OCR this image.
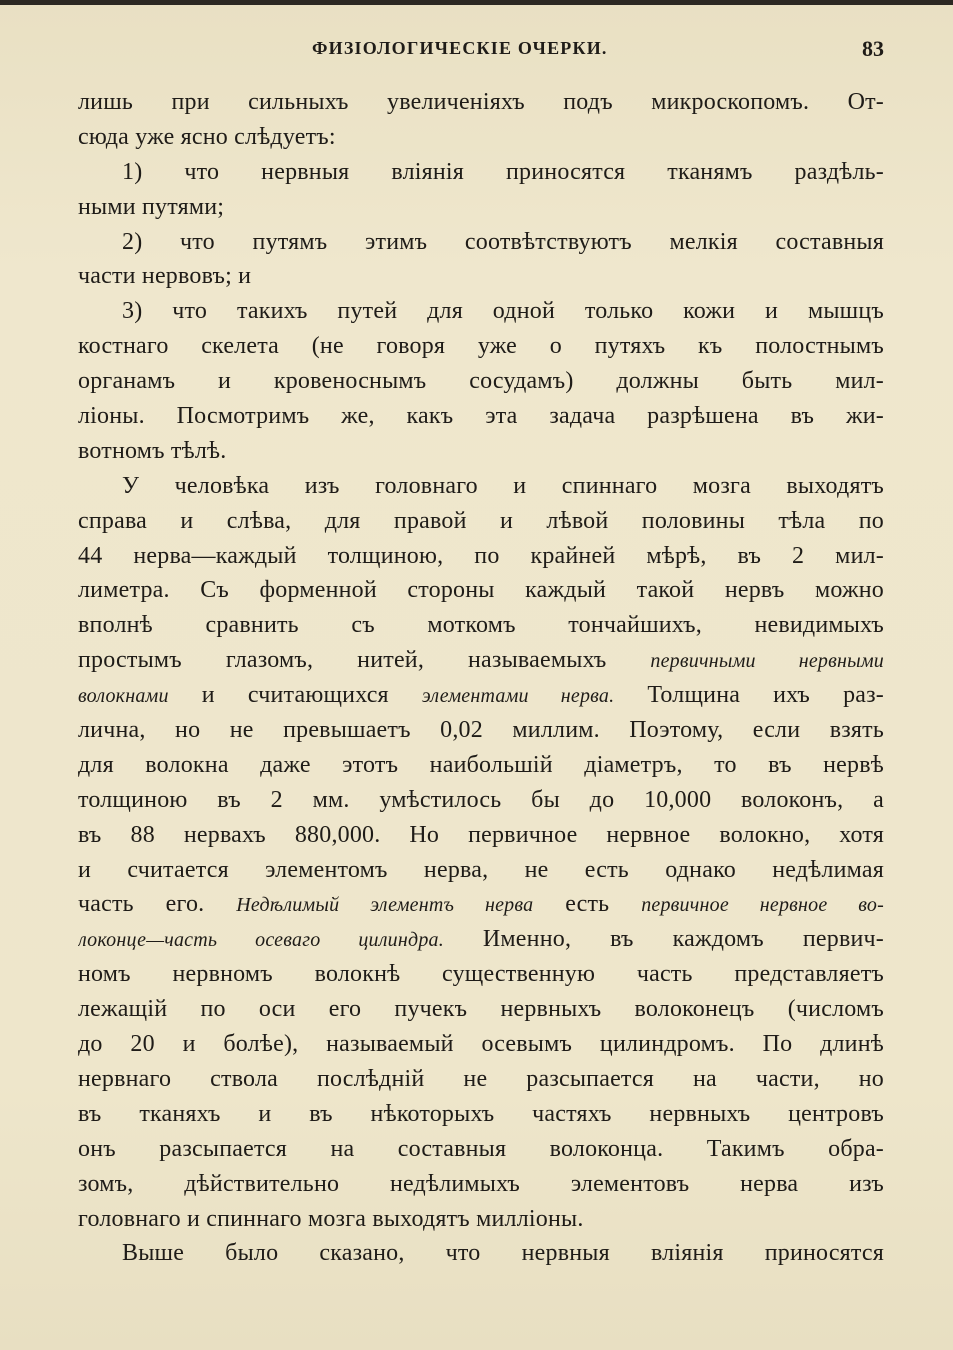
ФИЗIОЛОГИЧЕСКIЕ ОЧЕРКИ.	83
лишь при сильныхъ увеличенiяхъ подъ микроскопомъ. От-
сюда уже ясно слѣдуетъ:
1) что нервныя влiянiя приносятся тканямъ раздѣль-
ными путями;
2) что путямъ этимъ соотвѣтствуютъ мелкiя составныя
части нервовъ; и
3) что такихъ путей для одной только кожи и мышцъ
костнаго скелета (не говоря уже о путяхъ къ полостнымъ
органамъ и кровеноснымъ сосудамъ) должны быть мил-
лiоны. Посмотримъ же, какъ эта задача разрѣшена въ жи-
вотномъ тѣлѣ.
У человѣка изъ головнаго и спиннаго мозга выходятъ
справа и слѣва, для правой и лѣвой половины тѣла по
44 нерва—каждый толщиною, по крайней мѣрѣ, въ 2 мил-
лиметра. Съ форменной стороны каждый такой нервъ можно
вполнѣ сравнить съ моткомъ тончайшихъ, невидимыхъ
простымъ глазомъ, нитей, называемыхъ первичными нервными
волокнами и считающихся элементами нерва. Толщина ихъ раз-
лична, но не превышаетъ 0,02 миллим. Поэтому, если взять
для волокна даже этотъ наибольшiй дiаметръ, то въ нервѣ
толщиною въ 2 мм. умѣстилось бы до 10,000 волоконъ, а
въ 88 нервахъ 880,000. Но первичное нервное волокно, хотя
и считается элементомъ нерва, не есть однако недѣлимая
часть его. Недѣлимый элементъ нерва есть первичное нервное во-
локонце—часть осеваго цилиндра. Именно, въ каждомъ первич-
номъ нервномъ волокнѣ существенную часть представляетъ
лежащiй по оси его пучекъ нервныхъ волоконецъ (числомъ
до 20 и болѣе), называемый осевымъ цилиндромъ. По длинѣ
нервнаго ствола послѣднiй не разсыпается на части, но
въ тканяхъ и въ нѣкоторыхъ частяхъ нервныхъ центровъ
онъ разсыпается на составныя волоконца. Такимъ обра-
зомъ, дѣйствительно недѣлимыхъ элементовъ нерва изъ
головнаго и спиннаго мозга выходятъ миллiоны.
Выше было сказано, что нервныя влiянiя приносятся
